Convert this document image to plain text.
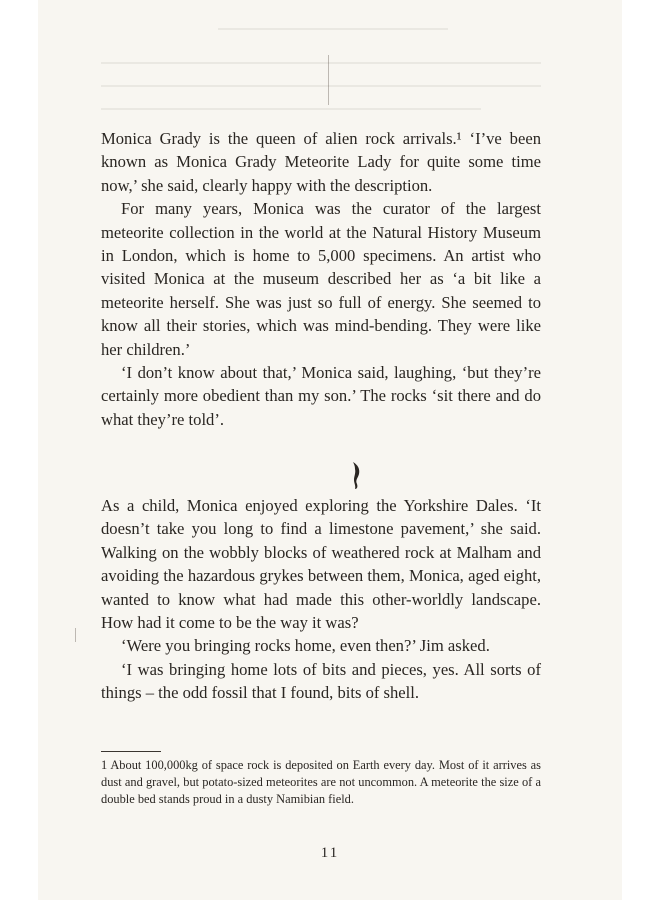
Monica Grady is the queen of alien rock arrivals.¹ ‘I’ve been known as Monica Grady Meteorite Lady for quite some time now,’ she said, clearly happy with the description.

For many years, Monica was the curator of the largest meteorite collection in the world at the Natural History Museum in London, which is home to 5,000 specimens. An artist who visited Monica at the museum described her as ‘a bit like a meteorite herself. She was just so full of energy. She seemed to know all their stories, which was mind-bending. They were like her children.’

‘I don’t know about that,’ Monica said, laughing, ‘but they’re certainly more obedient than my son.’ The rocks ‘sit there and do what they’re told’.

As a child, Monica enjoyed exploring the Yorkshire Dales. ‘It doesn’t take you long to find a limestone pavement,’ she said. Walking on the wobbly blocks of weathered rock at Malham and avoiding the hazardous grykes between them, Monica, aged eight, wanted to know what had made this other-worldly landscape. How had it come to be the way it was?

‘Were you bringing rocks home, even then?’ Jim asked.

‘I was bringing home lots of bits and pieces, yes. All sorts of things – the odd fossil that I found, bits of shell.

1 About 100,000kg of space rock is deposited on Earth every day. Most of it arrives as dust and gravel, but potato-sized meteorites are not uncommon. A meteorite the size of a double bed stands proud in a dusty Namibian field.
11
